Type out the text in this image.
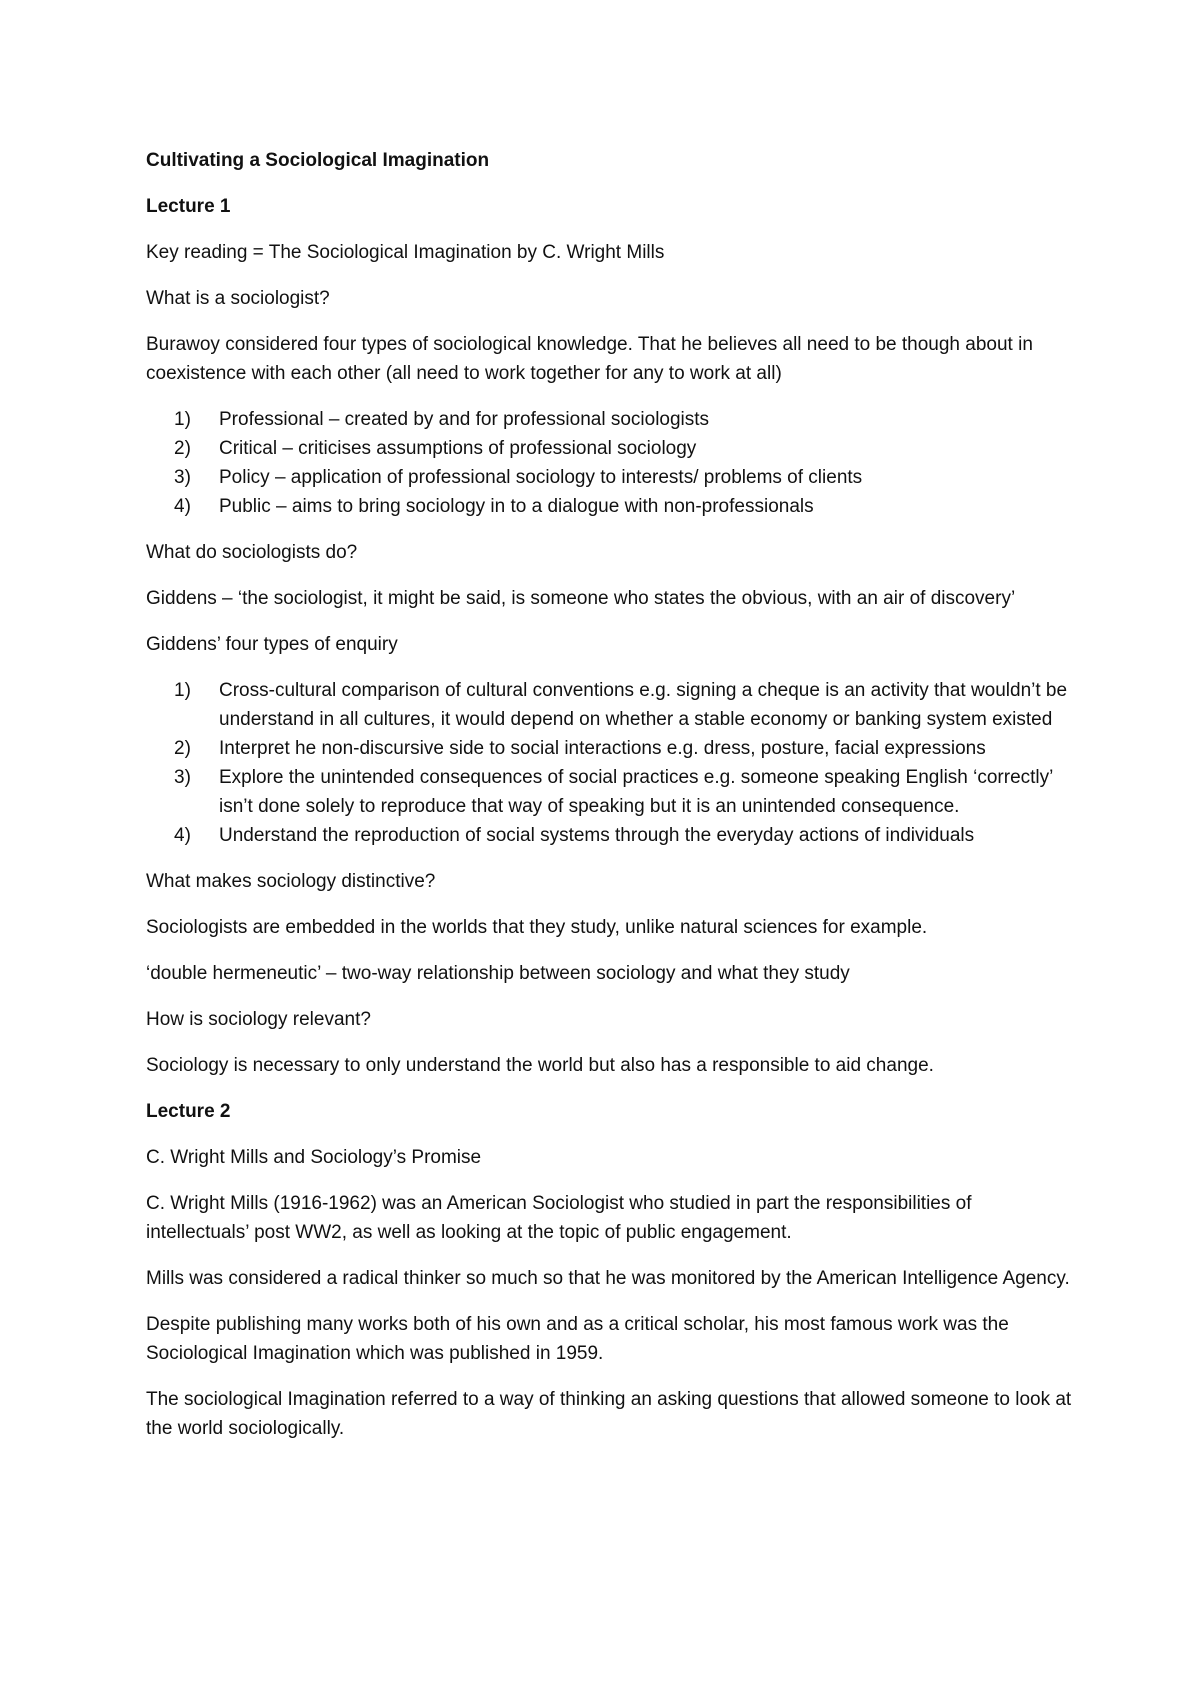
Cultivating a Sociological Imagination
Lecture 1

Key reading = The Sociological Imagination by C. Wright Mills

What is a sociologist?

Burawoy considered four types of sociological knowledge. That he believes all need to be though about in coexistence with each other (all need to work together for any to work at all)

1) Professional – created by and for professional sociologists
2) Critical – criticises assumptions of professional sociology
3) Policy – application of professional sociology to interests/ problems of clients
4) Public – aims to bring sociology in to a dialogue with non-professionals

What do sociologists do?

Giddens – ‘the sociologist, it might be said, is someone who states the obvious, with an air of discovery’

Giddens’ four types of enquiry

1) Cross-cultural comparison of cultural conventions e.g. signing a cheque is an activity that wouldn’t be understand in all cultures, it would depend on whether a stable economy or banking system existed
2) Interpret he non-discursive side to social interactions e.g. dress, posture, facial expressions
3) Explore the unintended consequences of social practices e.g. someone speaking English ‘correctly’ isn’t done solely to reproduce that way of speaking but it is an unintended consequence.
4) Understand the reproduction of social systems through the everyday actions of individuals

What makes sociology distinctive?

Sociologists are embedded in the worlds that they study, unlike natural sciences for example.

‘double hermeneutic’ – two-way relationship between sociology and what they study

How is sociology relevant?

Sociology is necessary to only understand the world but also has a responsible to aid change.

Lecture 2

C. Wright Mills and Sociology’s Promise

C. Wright Mills (1916-1962) was an American Sociologist who studied in part the responsibilities of intellectuals’ post WW2, as well as looking at the topic of public engagement.

Mills was considered a radical thinker so much so that he was monitored by the American Intelligence Agency.

Despite publishing many works both of his own and as a critical scholar, his most famous work was the Sociological Imagination which was published in 1959.

The sociological Imagination referred to a way of thinking an asking questions that allowed someone to look at the world sociologically.
